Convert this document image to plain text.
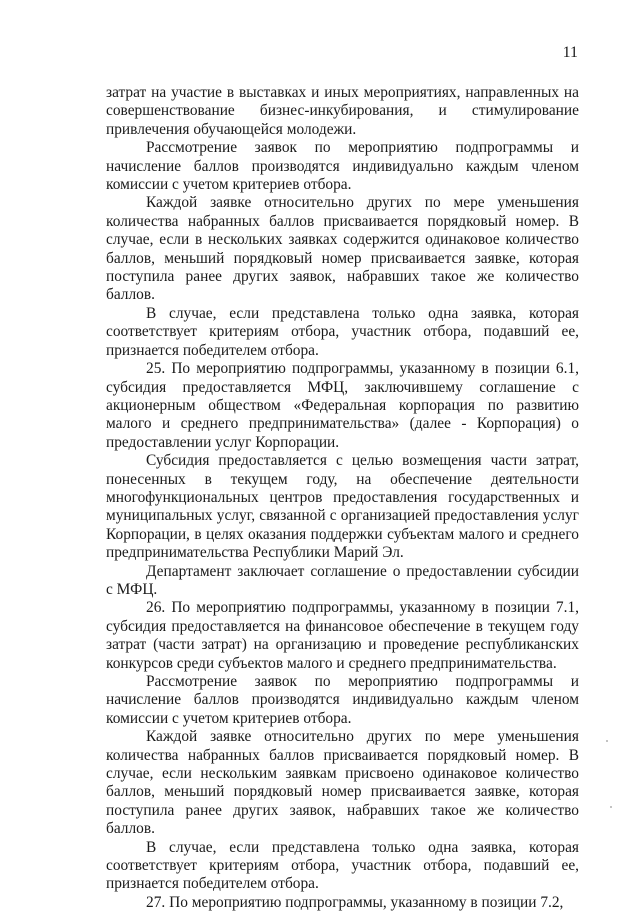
11

затрат на участие в выставках и иных мероприятиях, направленных на совершенствование бизнес-инкубирования, и стимулирование привлечения обучающейся молодежи.

Рассмотрение заявок по мероприятию подпрограммы и начисление баллов производятся индивидуально каждым членом комиссии с учетом критериев отбора.

Каждой заявке относительно других по мере уменьшения количества набранных баллов присваивается порядковый номер. В случае, если в нескольких заявках содержится одинаковое количество баллов, меньший порядковый номер присваивается заявке, которая поступила ранее других заявок, набравших такое же количество баллов.

В случае, если представлена только одна заявка, которая соответствует критериям отбора, участник отбора, подавший ее, признается победителем отбора.

25. По мероприятию подпрограммы, указанному в позиции 6.1, субсидия предоставляется МФЦ, заключившему соглашение с акционерным обществом «Федеральная корпорация по развитию малого и среднего предпринимательства» (далее - Корпорация) о предоставлении услуг Корпорации.

Субсидия предоставляется с целью возмещения части затрат, понесенных в текущем году, на обеспечение деятельности многофункциональных центров предоставления государственных и муниципальных услуг, связанной с организацией предоставления услуг Корпорации, в целях оказания поддержки субъектам малого и среднего предпринимательства Республики Марий Эл.

Департамент заключает соглашение о предоставлении субсидии с МФЦ.

26. По мероприятию подпрограммы, указанному в позиции 7.1, субсидия предоставляется на финансовое обеспечение в текущем году затрат (части затрат) на организацию и проведение республиканских конкурсов среди субъектов малого и среднего предпринимательства.

Рассмотрение заявок по мероприятию подпрограммы и начисление баллов производятся индивидуально каждым членом комиссии с учетом критериев отбора.

Каждой заявке относительно других по мере уменьшения количества набранных баллов присваивается порядковый номер. В случае, если нескольким заявкам присвоено одинаковое количество баллов, меньший порядковый номер присваивается заявке, которая поступила ранее других заявок, набравших такое же количество баллов.

В случае, если представлена только одна заявка, которая соответствует критериям отбора, участник отбора, подавший ее, признается победителем отбора.

27. По мероприятию подпрограммы, указанному в позиции 7.2,
